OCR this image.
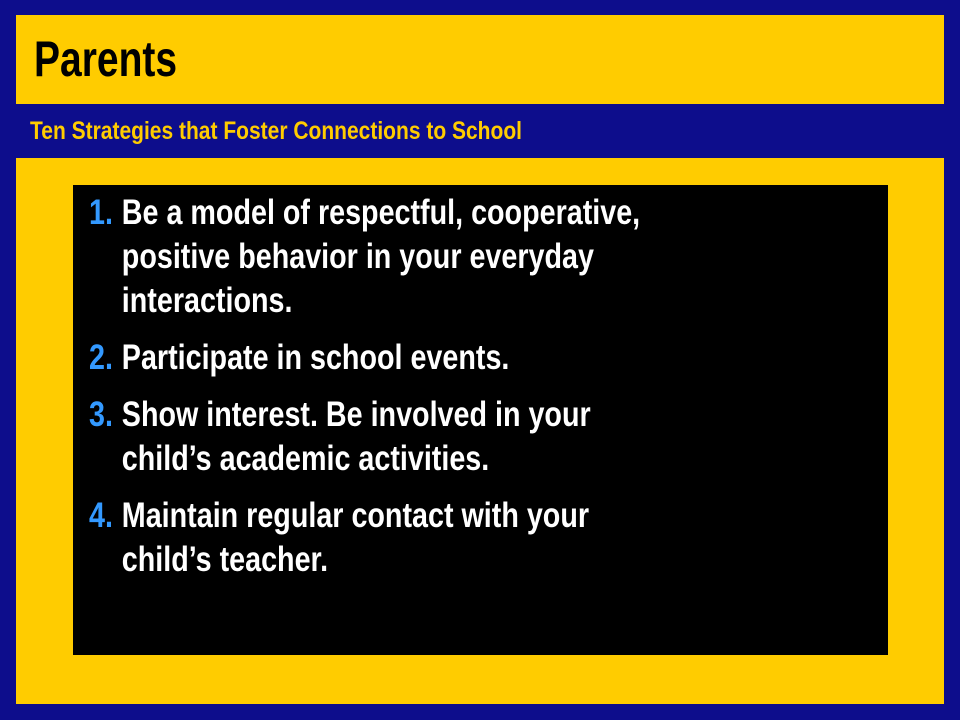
Parents
Ten Strategies that Foster Connections to School
1. Be a model of respectful, cooperative,
positive behavior in your everyday
interactions.
2. Participate in school events.
3. Show interest. Be involved in your
child’s academic activities.
4. Maintain regular contact with your
child’s teacher.
